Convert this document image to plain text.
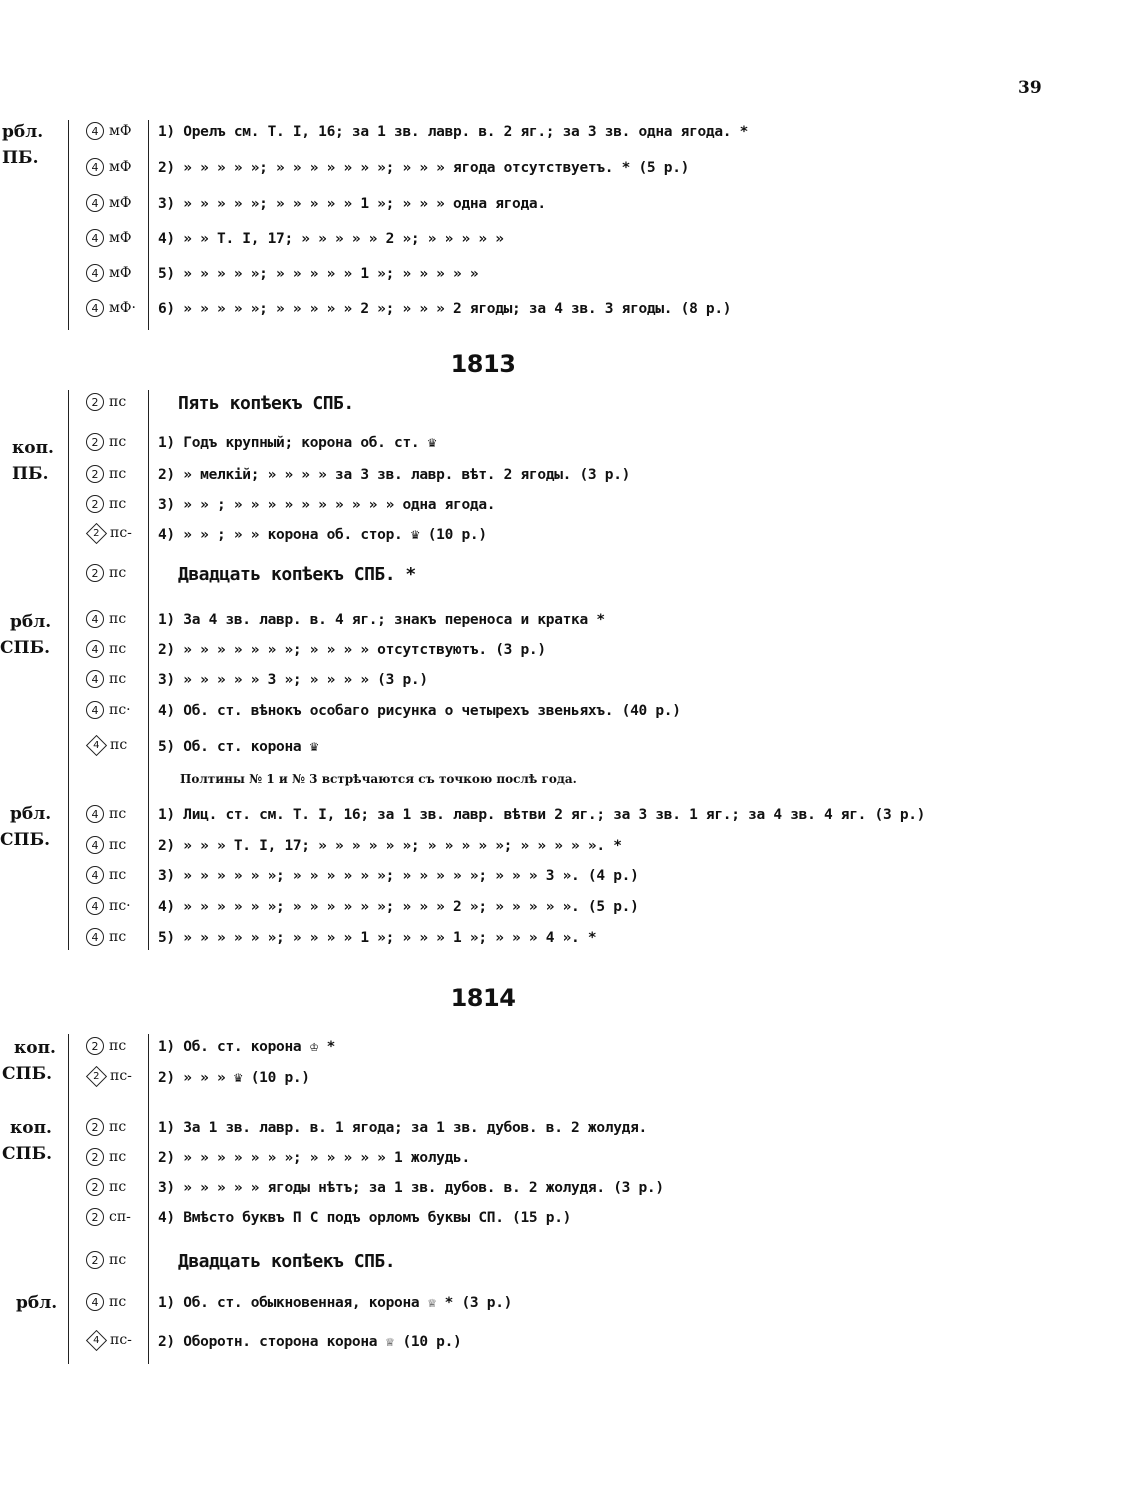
39
рбл.
ПБ.
4 мФ 1) Орелъ см. Т. I, 16; за 1 зв. лавр. в. 2 яг.; за 3 зв. одна ягода. *
4 мФ 2) » » » » »; » » » » » » »; » » » ягода отсутствуетъ. * (5 р.)
4 мФ 3) » » » » »; » » » » » 1 »; » » » одна ягода.
4 мФ 4) » » Т. I, 17; » » » » » 2 »; » » » » »
4 мФ 5) » » » » »; » » » » » 1 »; » » » » »
4 мФ· 6) » » » » »; » » » » » 2 »; » » » 2 ягоды; за 4 зв. 3 ягоды. (8 р.)
1813
2 пс	Пять копѣекъ СПБ.
коп.
ПБ.
2 пс 1) Годъ крупный; корона об. ст. ♛
2 пс 2) » мелкій; » » » » за 3 зв. лавр. вѣт. 2 ягоды. (3 р.)
2 пс 3) » » ; » » » » » » » » » » одна ягода.
2 пс- 4) » » ; » » корона об. стор. ♛ (10 р.)
2 пс	Двадцать копѣекъ СПБ. *
рбл.
СПБ.
4 пс 1) За 4 зв. лавр. в. 4 яг.; знакъ переноса и кратка *
4 пс 2) » » » » » » »; » » » » отсутствуютъ. (3 р.)
4 пс 3) » » » » » 3 »; » » » » (3 р.)
4 пс· 4) Об. ст. вѣнокъ особаго рисунка о четырехъ звеньяхъ. (40 р.)
4 пс 5) Об. ст. корона ♛
Полтины № 1 и № 3 встрѣчаются съ точкою послѣ года.
рбл.
СПБ.
4 пс 1) Лиц. ст. см. Т. I, 16; за 1 зв. лавр. вѣтви 2 яг.; за 3 зв. 1 яг.; за 4 зв. 4 яг. (3 р.)
4 пс 2) » » » Т. I, 17; » » » » » »; » » » » »; » » » » ». *
4 пс 3) » » » » » »; » » » » » »; » » » » »; » » » 3 ». (4 р.)
4 пс· 4) » » » » » »; » » » » » »; » » » 2 »; » » » » ». (5 р.)
4 пс 5) » » » » » »; » » » » 1 »; » » » 1 »; » » » 4 ». *
1814
коп.
СПБ.
2 пс 1) Об. ст. корона ♔ *
2 пс- 2) » » » ♛ (10 р.)
коп.
СПБ.
2 пс 1) За 1 зв. лавр. в. 1 ягода; за 1 зв. дубов. в. 2 жолудя.
2 пс 2) » » » » » » »; » » » » » 1 жолудь.
2 пс 3) » » » » » ягоды нѣтъ; за 1 зв. дубов. в. 2 жолудя. (3 р.)
2 сп- 4) Вмѣсто буквъ П С подъ орломъ буквы СП. (15 р.)
2 пс	Двадцать копѣекъ СПБ.
рбл.	4 пс 1) Об. ст. обыкновенная, корона ♕ * (3 р.)
4 пс- 2) Оборотн. сторона корона ♕ (10 р.)
